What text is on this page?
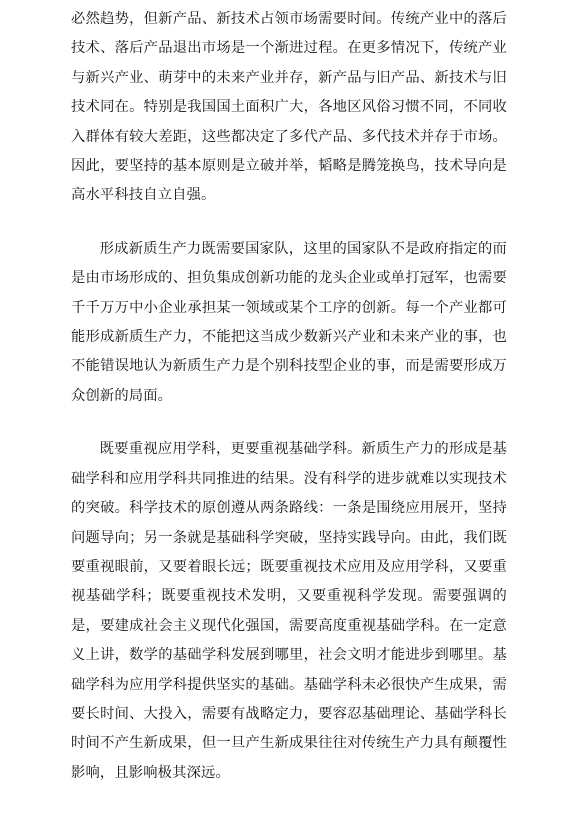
必然趋势，但新产品、新技术占领市场需要时间。传统产业中的落后技术、落后产品退出市场是一个渐进过程。在更多情况下，传统产业与新兴产业、萌芽中的未来产业并存，新产品与旧产品、新技术与旧技术同在。特别是我国国土面积广大，各地区风俗习惯不同，不同收入群体有较大差距，这些都决定了多代产品、多代技术并存于市场。因此，要坚持的基本原则是立破并举，韬略是腾笼换鸟，技术导向是高水平科技自立自强。

形成新质生产力既需要国家队，这里的国家队不是政府指定的而是由市场形成的、担负集成创新功能的龙头企业或单打冠军，也需要千千万万中小企业承担某一领域或某个工序的创新。每一个产业都可能形成新质生产力，不能把这当成少数新兴产业和未来产业的事，也不能错误地认为新质生产力是个别科技型企业的事，而是需要形成万众创新的局面。

既要重视应用学科，更要重视基础学科。新质生产力的形成是基础学科和应用学科共同推进的结果。没有科学的进步就难以实现技术的突破。科学技术的原创遵从两条路线：一条是围绕应用展开，坚持问题导向；另一条就是基础科学突破，坚持实践导向。由此，我们既要重视眼前，又要着眼长远；既要重视技术应用及应用学科，又要重视基础学科；既要重视技术发明，又要重视科学发现。需要强调的是，要建成社会主义现代化强国，需要高度重视基础学科。在一定意义上讲，数学的基础学科发展到哪里，社会文明才能进步到哪里。基础学科为应用学科提供坚实的基础。基础学科未必很快产生成果，需要长时间、大投入，需要有战略定力，要容忍基础理论、基础学科长时间不产生新成果，但一旦产生新成果往往对传统生产力具有颠覆性影响，且影响极其深远。
